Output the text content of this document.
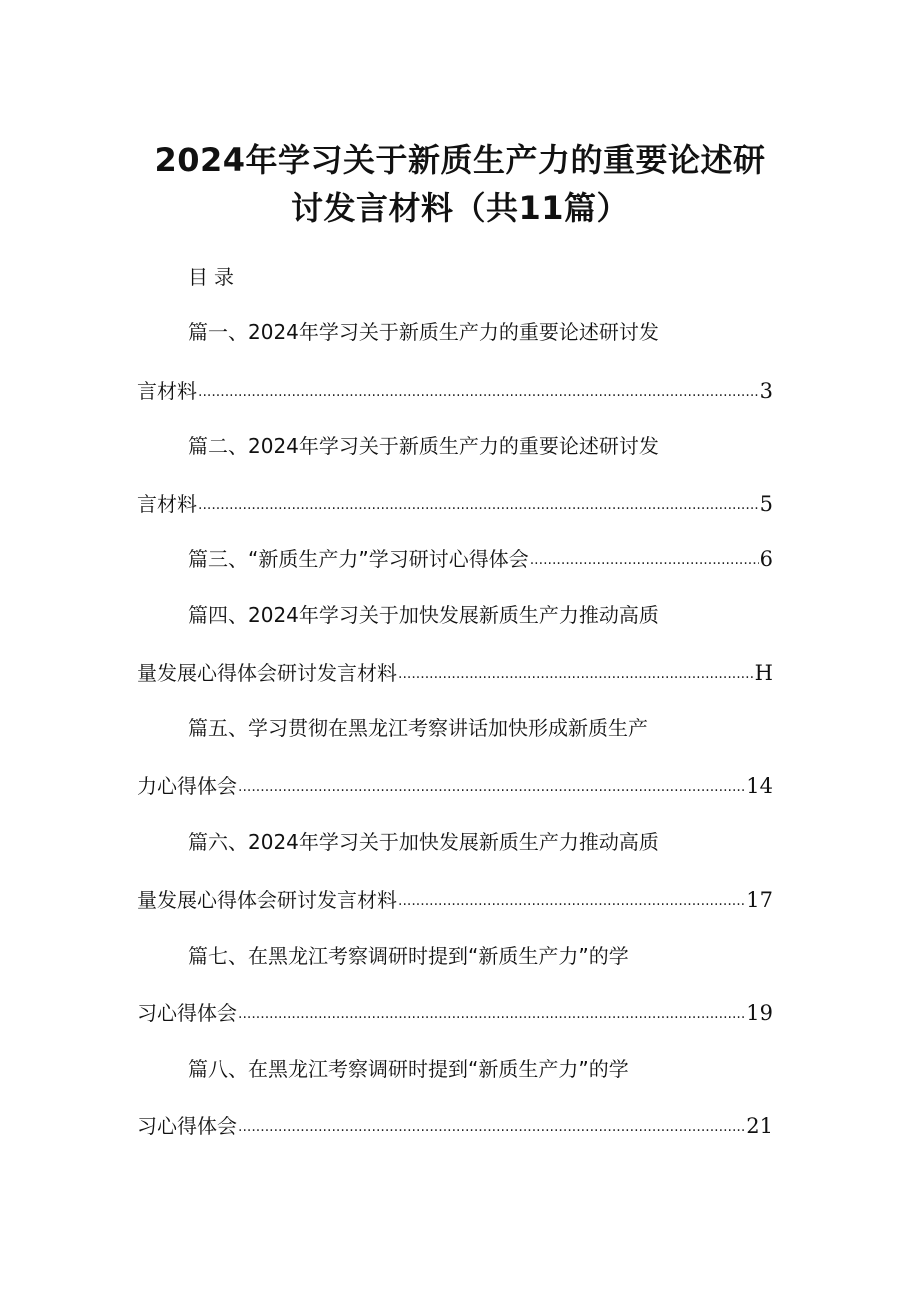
2024年学习关于新质生产力的重要论述研
讨发言材料（共11篇）
目录
篇一、2024年学习关于新质生产力的重要论述研讨发
言材料 .....	3
篇二、2024年学习关于新质生产力的重要论述研讨发
言材料 .....	5
篇三、“新质生产力”学习研讨心得体会 .....	6
篇四、2024年学习关于加快发展新质生产力推动高质
量发展心得体会研讨发言材料 .....	H
篇五、学习贯彻在黑龙江考察讲话加快形成新质生产
力心得体会 .....	14
篇六、2024年学习关于加快发展新质生产力推动高质
量发展心得体会研讨发言材料 .....	17
篇七、在黑龙江考察调研时提到“新质生产力”的学
习心得体会 .....	19
篇八、在黑龙江考察调研时提到“新质生产力”的学
习心得体会 .....	21
